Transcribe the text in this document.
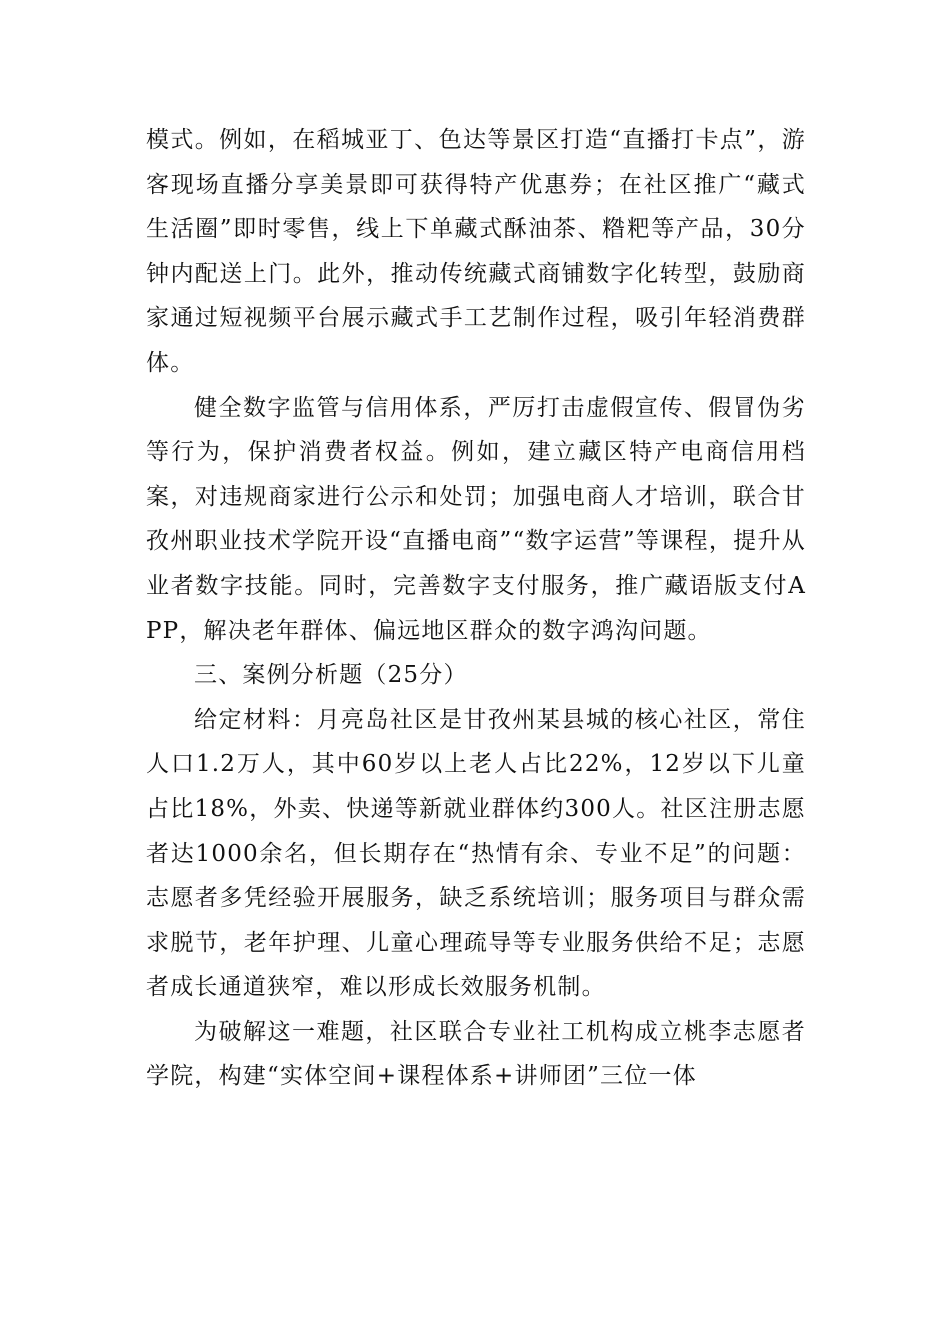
模式。例如，在稻城亚丁、色达等景区打造“直播打卡点”，游客现场直播分享美景即可获得特产优惠券；在社区推广“藏式生活圈”即时零售，线上下单藏式酥油茶、糌粑等产品，30分钟内配送上门。此外，推动传统藏式商铺数字化转型，鼓励商家通过短视频平台展示藏式手工艺制作过程，吸引年轻消费群体。

健全数字监管与信用体系，严厉打击虚假宣传、假冒伪劣等行为，保护消费者权益。例如，建立藏区特产电商信用档案，对违规商家进行公示和处罚；加强电商人才培训，联合甘孜州职业技术学院开设“直播电商”“数字运营”等课程，提升从业者数字技能。同时，完善数字支付服务，推广藏语版支付APP，解决老年群体、偏远地区群众的数字鸿沟问题。

三、案例分析题（25分）

给定材料：月亮岛社区是甘孜州某县城的核心社区，常住人口1.2万人，其中60岁以上老人占比22%，12岁以下儿童占比18%，外卖、快递等新就业群体约300人。社区注册志愿者达1000余名，但长期存在“热情有余、专业不足”的问题：志愿者多凭经验开展服务，缺乏系统培训；服务项目与群众需求脱节，老年护理、儿童心理疏导等专业服务供给不足；志愿者成长通道狭窄，难以形成长效服务机制。

为破解这一难题，社区联合专业社工机构成立桃李志愿者学院，构建“实体空间+课程体系+讲师团”三位一体
